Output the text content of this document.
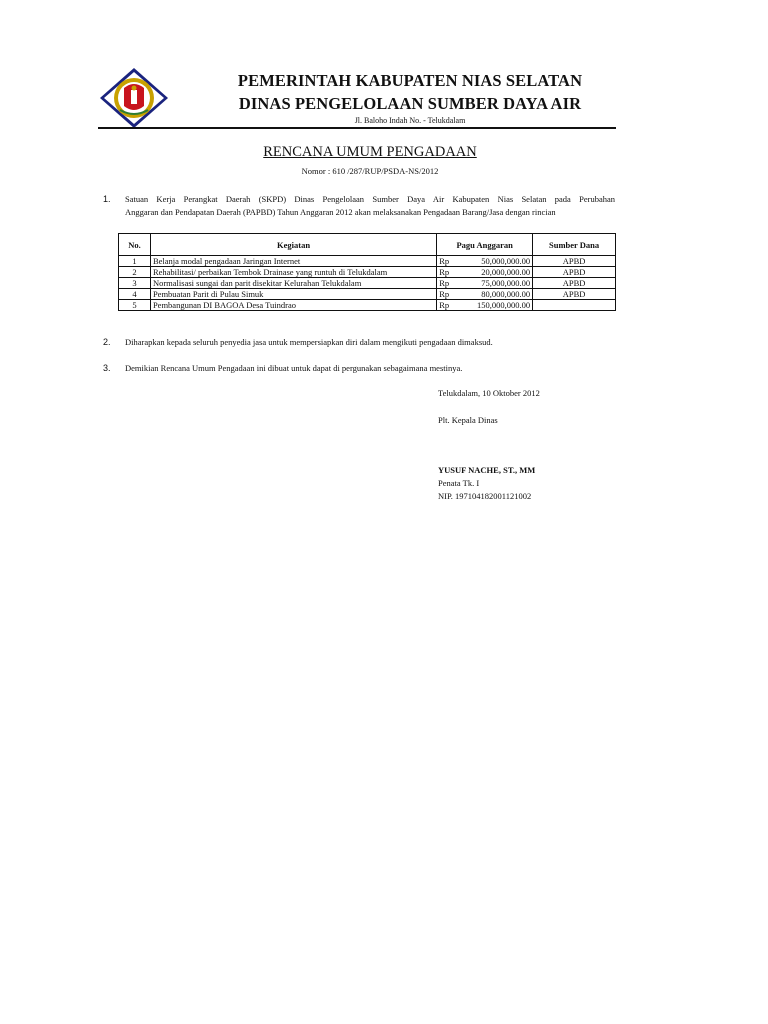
PEMERINTAH KABUPATEN NIAS SELATAN
DINAS PENGELOLAAN SUMBER DAYA AIR
Jl. Baloho Indah No. - Telukdalam
RENCANA UMUM PENGADAAN
Nomor : 610 /287/RUP/PSDA-NS/2012
1. Satuan Kerja Perangkat Daerah (SKPD) Dinas Pengelolaan Sumber Daya Air Kabupaten Nias Selatan pada Perubahan
Anggaran dan Pendapatan Daerah (PAPBD) Tahun Anggaran 2012 akan melaksanakan Pengadaan Barang/Jasa dengan rincian
No.	Kegiatan	Pagu Anggaran		Sumber Dana
1	Belanja modal pengadaan Jaringan Internet	Rp	50,000,000.00	APBD
2	Rehabilitasi/ perbaikan Tembok Drainase yang runtuh di Telukdalam	Rp	20,000,000.00	APBD
3	Normalisasi sungai dan parit disekitar Kelurahan Telukdalam	Rp	75,000,000.00	APBD
4	Pembuatan Parit di Pulau Simuk	Rp	80,000,000.00	APBD
5	Pembangunan DI BAGOA Desa Tuindrao	Rp	150,000,000.00	
2. Diharapkan kepada seluruh penyedia jasa untuk mempersiapkan diri dalam mengikuti pengadaan dimaksud.
3. Demikian Rencana Umum Pengadaan ini dibuat untuk dapat di pergunakan sebagaimana mestinya.
Telukdalam, 10 Oktober 2012
Plt. Kepala Dinas
YUSUF NACHE, ST., MM
Penata Tk. I
NIP. 197104182001121002
